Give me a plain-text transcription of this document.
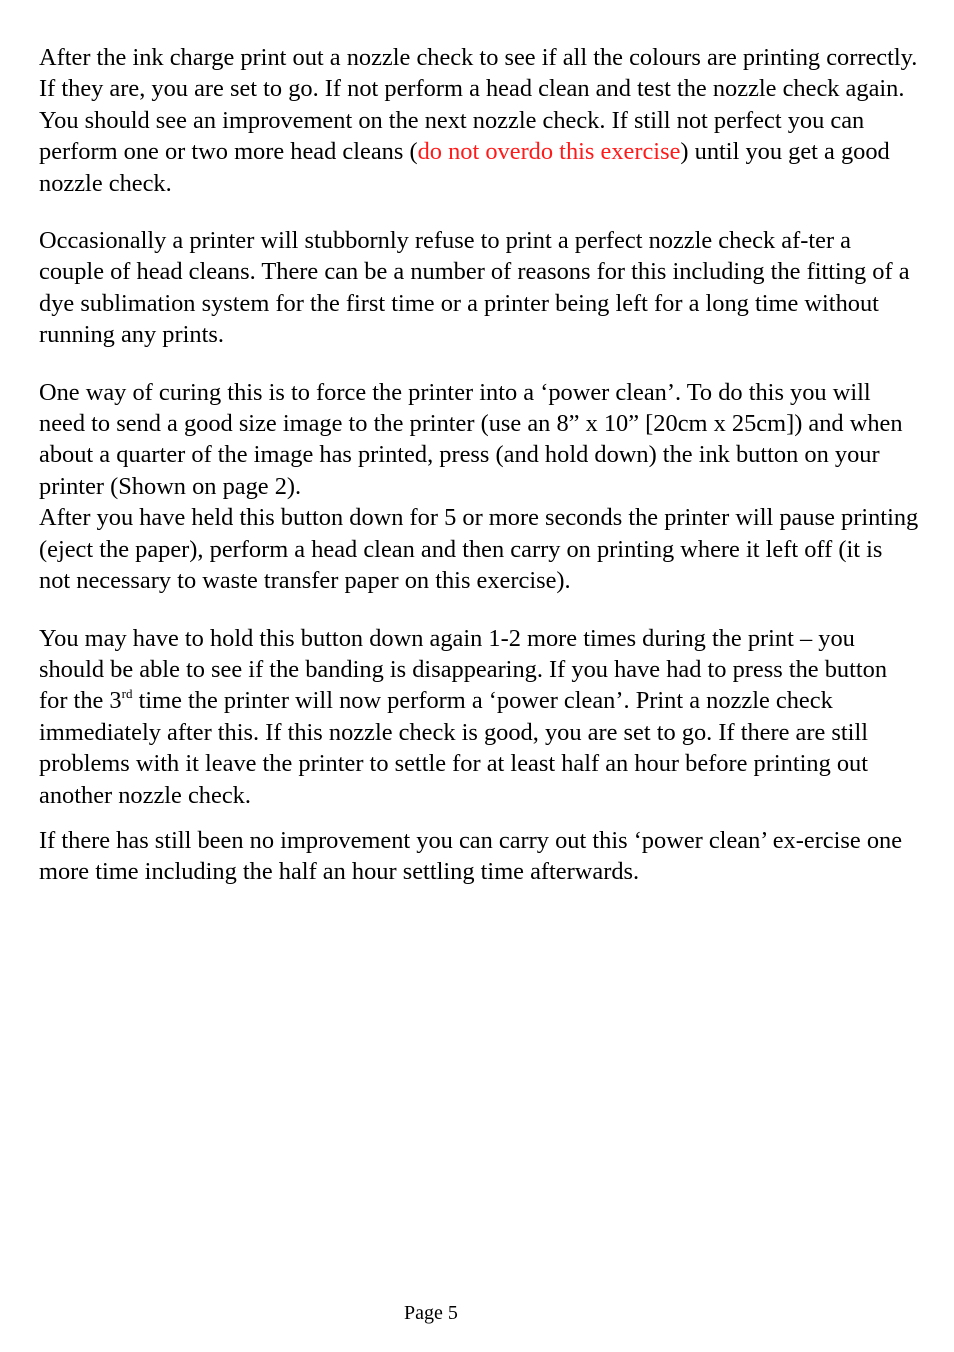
After the ink charge print out a nozzle check to see if all the colours are printing correctly. If they are, you are set to go. If not perform a head clean and test the nozzle check again. You should see an improvement on the next nozzle check. If still not perfect you can perform one or two more head cleans (do not overdo this exercise) until you get a good nozzle check.

Occasionally a printer will stubbornly refuse to print a perfect nozzle check af-ter a couple of head cleans. There can be a number of reasons for this including the fitting of a dye sublimation system for the first time or a printer being left for a long time without running any prints.

One way of curing this is to force the printer into a ‘power clean’. To do this you will need to send a good size image to the printer (use an 8” x 10” [20cm x 25cm]) and when about a quarter of the image has printed, press (and hold down) the ink button on your printer (Shown on page 2).

After you have held this button down for 5 or more seconds the printer will pause printing (eject the paper), perform a head clean and then carry on printing where it left off (it is not necessary to waste transfer paper on this exercise).

You may have to hold this button down again 1-2 more times during the print – you should be able to see if the banding is disappearing. If you have had to press the button for the 3rd time the printer will now perform a ‘power clean’. Print a nozzle check immediately after this. If this nozzle check is good, you are set to go. If there are still problems with it leave the printer to settle for at least half an hour before printing out another nozzle check.

If there has still been no improvement you can carry out this ‘power clean’ ex-ercise one more time including the half an hour settling time afterwards.

Page 5
